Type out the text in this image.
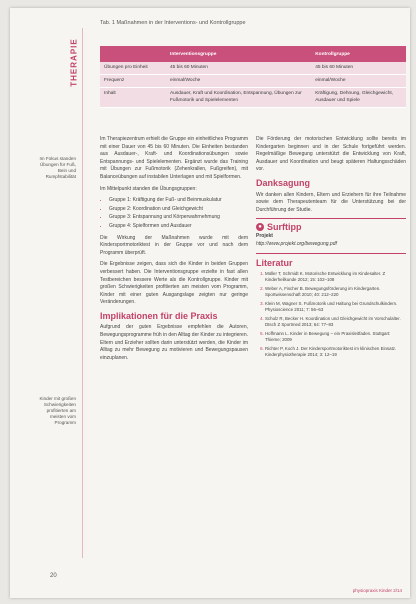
THERAPIE
Tab. 1 Maßnahmen in der Interventions- und Kontrollgruppe
	Interventionsgruppe	Kontrollgruppe
Übungen pro Einheit	45 bis 60 Minuten	45 bis 60 Minuten
Frequenz	einmal/Woche	einmal/Woche
Inhalt	Ausdauer, Kraft und Koordination, Entspannung, Übungen zur Fußmotorik und Spielelementen	Kräftigung, Dehnung, Gleichgewicht, Ausdauer und Spiele
Im Fokus standen Übungen für Fuß, Bein und Rumpfstabilität
Kinder mit großen Schwierigkeiten profitierten am meisten vom Programm

Im Therapiezentrum erhielt die Gruppe ein einheitliches Programm mit einer Dauer von 45 bis 60 Minuten. Die Einheiten bestanden aus Ausdauer-, Kraft- und Koordinationsübungen sowie Entspannungs- und Spielelementen. Ergänzt wurde das Training mit Übungen zur Fußmotorik (Zehenkrallen, Fußgreifen), mit Balanceübungen auf instabilen Unterlagen und mit Spielformen.

Im Mittelpunkt standen die Übungsgruppen:

• Gruppe 1: Kräftigung der Fuß- und Beinmuskulatur
• Gruppe 2: Koordination und Gleichgewicht
• Gruppe 3: Entspannung und Körperwahrnehmung
• Gruppe 4: Spielformen und Ausdauer

Die Wirkung der Maßnahmen wurde mit dem Kindersportmotoriktest in der Gruppe vor und nach dem Programm überprüft.

Die Ergebnisse zeigen, dass sich die Kinder in beiden Gruppen verbessert haben. Die Interventionsgruppe erzielte in fast allen Testbereichen bessere Werte als die Kontrollgruppe. Kinder mit großen Schwierigkeiten profitierten am meisten vom Programm, Kinder mit einer guten Ausgangslage zeigten nur geringe Veränderungen.

Implikationen für die Praxis

Aufgrund der guten Ergebnisse empfehlen die Autoren, Bewegungsprogramme früh in den Alltag der Kinder zu integrieren. Eltern und Erzieher sollten darin unterstützt werden, die Kinder im Alltag zu mehr Bewegung zu motivieren und Bewegungspausen einzuplanen.

Die Förderung der motorischen Entwicklung sollte bereits im Kindergarten beginnen und in der Schule fortgeführt werden. Regelmäßige Bewegung unterstützt die Entwicklung von Kraft, Ausdauer und Koordination und beugt späteren Haltungsschäden vor.

Danksagung

Wir danken allen Kindern, Eltern und Erziehern für ihre Teilnahme sowie dem Therapeutenteam für die Unterstützung bei der Durchführung der Studie.

● Surftipp
Projekt
http://www.projekt.org/bewegung.pdf
Literatur
1. Müller T, Schmidt K. Motorische Entwicklung im Kindesalter. Z Kinderheilkunde 2012; 15: 102–108
2. Weber A, Fischer B. Bewegungsförderung im Kindergarten. Sportwissenschaft 2010; 40: 212–220
3. Klein M, Wagner S. Fußmotorik und Haltung bei Grundschulkindern. Physioscience 2011; 7: 56–63
4. Schulz R, Becker H. Koordination und Gleichgewicht im Vorschulalter. Dtsch Z Sportmed 2013; 64: 77–83
5. Hoffmann L. Kinder in Bewegung – ein Praxisleitfaden. Stuttgart: Thieme; 2009
6. Richter P, Koch J. Der Kindersportmotoriktest im klinischen Einsatz. Kinderphysiotherapie 2014; 3: 12–19
20
physiopraxis Kinder 2/14
